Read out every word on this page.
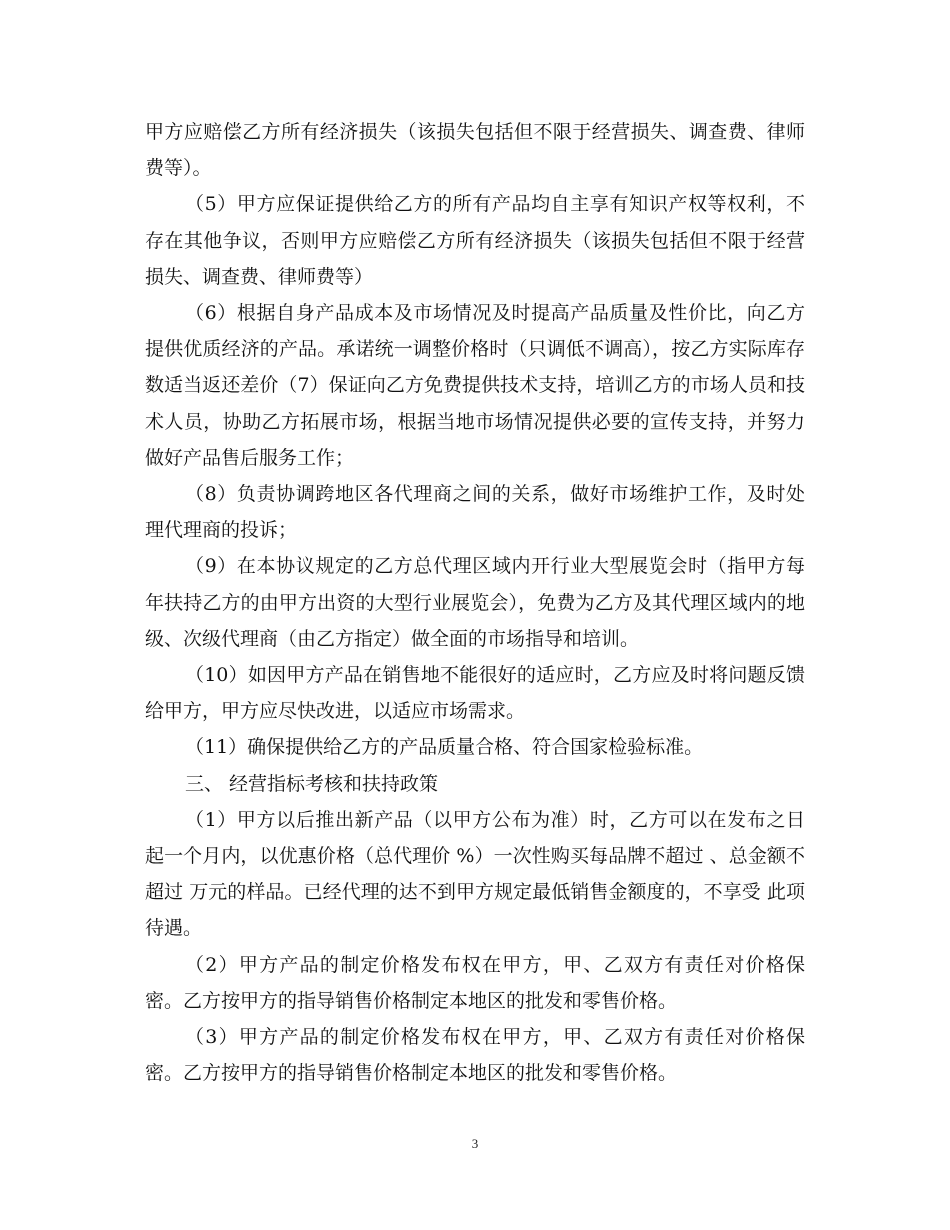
甲方应赔偿乙方所有经济损失（该损失包括但不限于经营损失、调查费、律师费等）。

（5）甲方应保证提供给乙方的所有产品均自主享有知识产权等权利，不存在其他争议，否则甲方应赔偿乙方所有经济损失（该损失包括但不限于经营损失、调查费、律师费等）

（6）根据自身产品成本及市场情况及时提高产品质量及性价比，向乙方提供优质经济的产品。承诺统一调整价格时（只调低不调高），按乙方实际库存数适当返还差价（7）保证向乙方免费提供技术支持，培训乙方的市场人员和技术人员，协助乙方拓展市场，根据当地市场情况提供必要的宣传支持，并努力做好产品售后服务工作；

（8）负责协调跨地区各代理商之间的关系，做好市场维护工作，及时处理代理商的投诉；

（9）在本协议规定的乙方总代理区域内开行业大型展览会时（指甲方每年扶持乙方的由甲方出资的大型行业展览会），免费为乙方及其代理区域内的地级、次级代理商（由乙方指定）做全面的市场指导和培训。

（10）如因甲方产品在销售地不能很好的适应时，乙方应及时将问题反馈给甲方，甲方应尽快改进，以适应市场需求。

（11）确保提供给乙方的产品质量合格、符合国家检验标准。

三、 经营指标考核和扶持政策

（1）甲方以后推出新产品（以甲方公布为准）时，乙方可以在发布之日起一个月内，以优惠价格（总代理价 %）一次性购买每品牌不超过 、总金额不超过 万元的样品。已经代理的达不到甲方规定最低销售金额度的，不享受 此项待遇。

（2）甲方产品的制定价格发布权在甲方，甲、乙双方有责任对价格保密。乙方按甲方的指导销售价格制定本地区的批发和零售价格。

（3）甲方产品的制定价格发布权在甲方，甲、乙双方有责任对价格保密。乙方按甲方的指导销售价格制定本地区的批发和零售价格。

3
